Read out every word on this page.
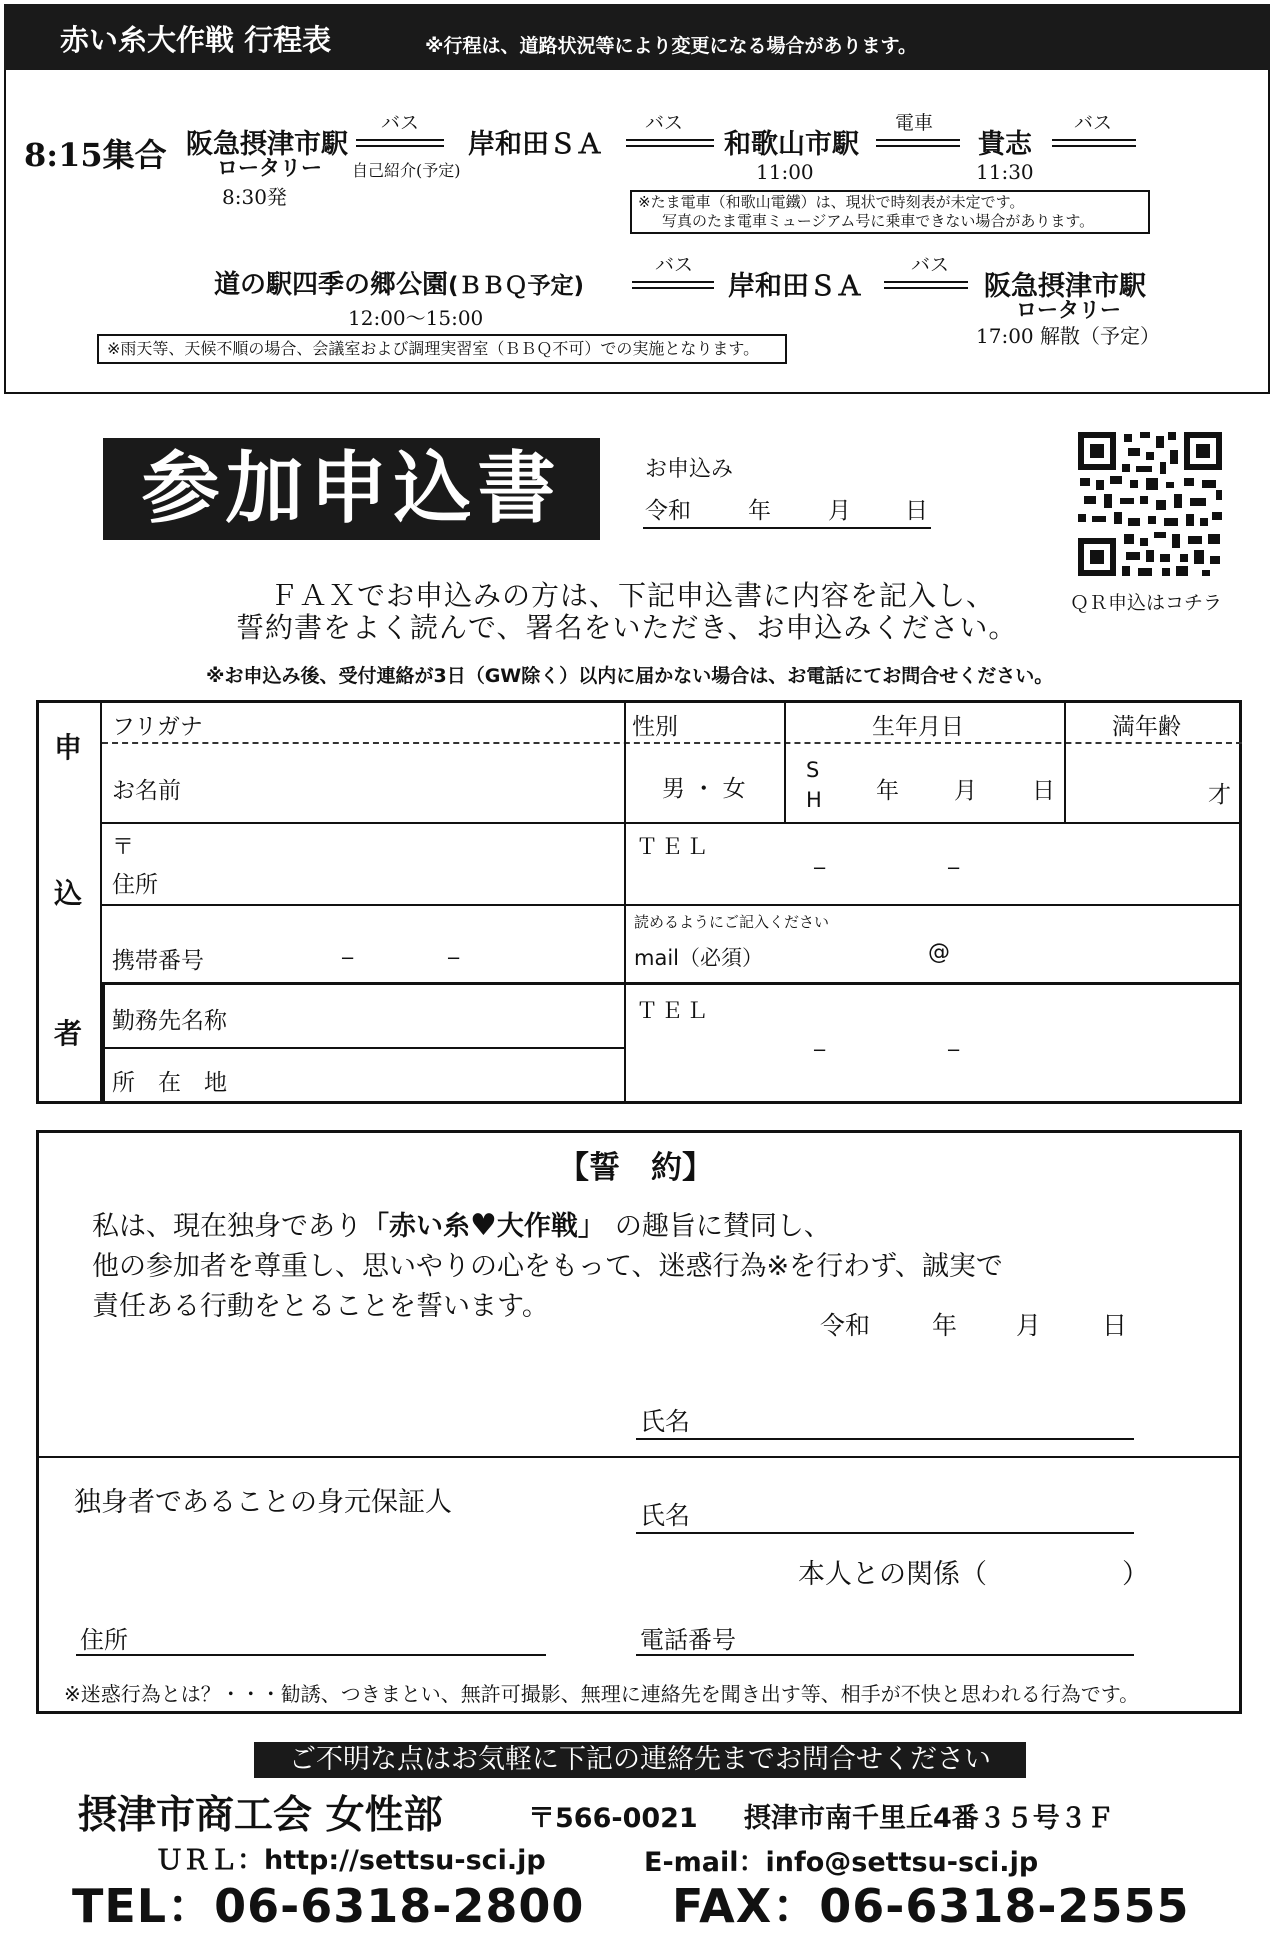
赤い糸大作戦 行程表	※行程は、道路状況等により変更になる場合があります。
8:15集合 阪急摂津市駅
ロータリー
8:30発
バス
自己紹介(予定)
岸和田ＳＡ
バス
和歌山市駅
11:00
電車
貴志
11:30
バス
※たま電車（和歌山電鐵）は、現状で時刻表が未定です。
写真のたま電車ミュージアム号に乗車できない場合があります。
道の駅四季の郷公園(ＢＢＱ予定)
12:00〜15:00
バス
岸和田ＳＡ
バス
阪急摂津市駅
ロータリー
17:00 解散（予定）
※雨天等、天候不順の場合、会議室および調理実習室（ＢＢＱ不可）での実施となります。
参加申込書	お申込み
令和 年 月 日
ＱＲ申込はコチラ
ＦＡＸでお申込みの方は、下記申込書に内容を記入し、
誓約書をよく読んで、署名をいただき、お申込みください。
※お申込み後、受付連絡が3日（GW除く）以内に届かない場合は、お電話にてお問合せください。
申
込
者
フリガナ	性別	生年月日	満年齢
お名前	男 ・ 女
S
H 年 月 日	才
〒
住所
ＴＥＬ
−	−
携帯番号	−	−
読めるようにご記入ください
mail（必須）	@
勤務先名称
所　在　地
ＴＥＬ
−	−
【誓　約】
私は、現在独身であり「赤い糸♥大作戦」 の趣旨に賛同し、
他の参加者を尊重し、思いやりの心をもって、迷惑行為※を行わず、誠実で
責任ある行動をとることを誓います。
令和 年 月 日
氏名
独身者であることの身元保証人	氏名
本人との関係（　　　　　）
住所	電話番号
※迷惑行為とは？・・・勧誘、つきまとい、無許可撮影、無理に連絡先を聞き出す等、相手が不快と思われる行為です。
ご不明な点はお気軽に下記の連絡先までお問合せください
摂津市商工会 女性部	〒566-0021 摂津市南千里丘4番３５号３Ｆ
ＵＲＬ：http://settsu-sci.jp	E-mail：info@settsu-sci.jp
TEL：06-6318-2800 FAX：06-6318-2555
